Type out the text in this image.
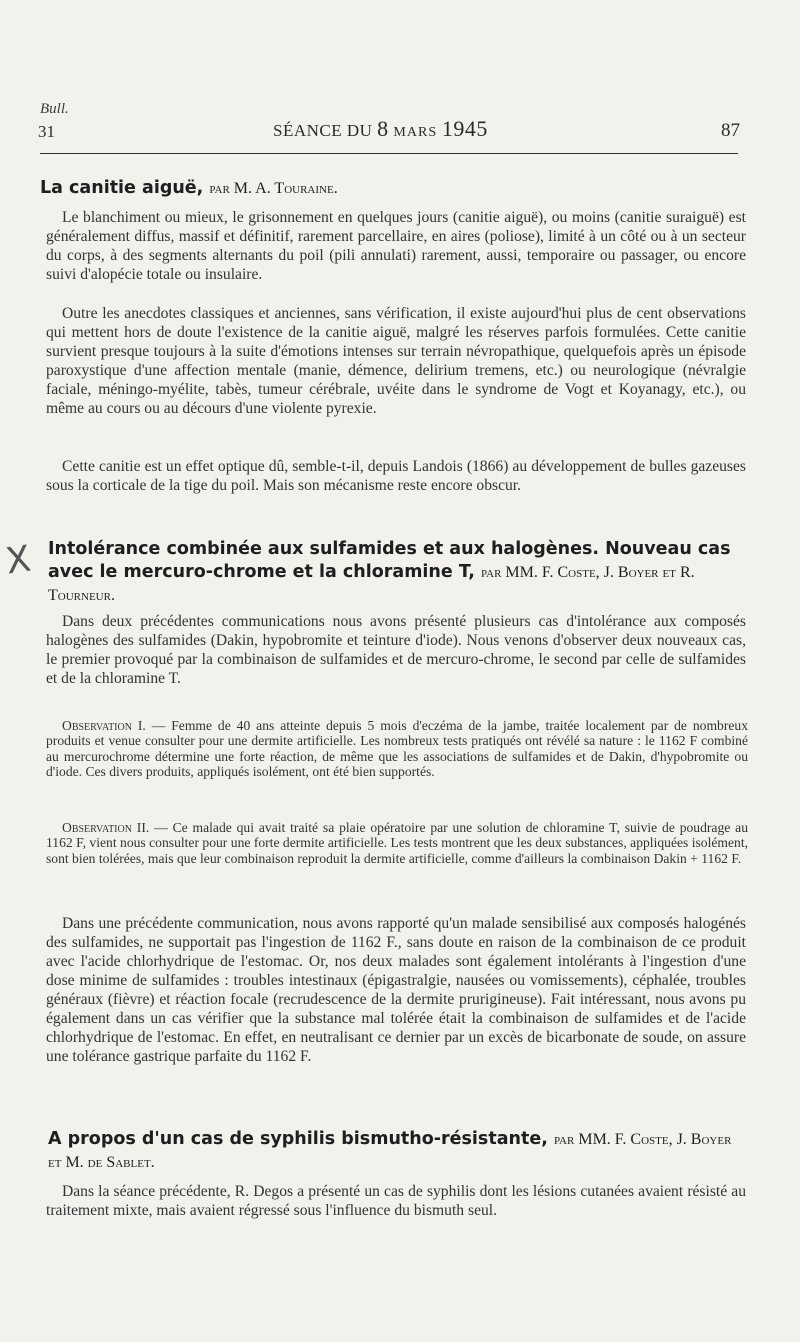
Bull.
31	SÉANCE DU 8 MARS 1945	87
La canitie aiguë, par M. A. Touraine.
Le blanchiment ou mieux, le grisonnement en quelques jours (canitie aiguë), ou moins (canitie suraiguë) est généralement diffus, massif et définitif, rarement parcellaire, en aires (poliose), limité à un côté ou à un secteur du corps, à des segments alternants du poil (pili annulati) rarement, aussi, temporaire ou passager, ou encore suivi d'alopécie totale ou insulaire.
Outre les anecdotes classiques et anciennes, sans vérification, il existe aujourd'hui plus de cent observations qui mettent hors de doute l'existence de la canitie aiguë, malgré les réserves parfois formulées. Cette canitie survient presque toujours à la suite d'émotions intenses sur terrain névropathique, quelquefois après un épisode paroxystique d'une affection mentale (manie, démence, delirium tremens, etc.) ou neurologique (névralgie faciale, méningo-myélite, tabès, tumeur cérébrale, uvéite dans le syndrome de Vogt et Koyanagy, etc.), ou même au cours ou au décours d'une violente pyrexie.
Cette canitie est un effet optique dû, semble-t-il, depuis Landois (1866) au développement de bulles gazeuses sous la corticale de la tige du poil. Mais son mécanisme reste encore obscur.
X Intolérance combinée aux sulfamides et aux halogènes. Nouveau cas avec le mercuro-chrome et la chloramine T, par MM. F. Coste, J. Boyer et R. Tourneur.
Dans deux précédentes communications nous avons présenté plusieurs cas d'intolérance aux composés halogènes des sulfamides (Dakin, hypobromite et teinture d'iode). Nous venons d'observer deux nouveaux cas, le premier provoqué par la combinaison de sulfamides et de mercuro-chrome, le second par celle de sulfamides et de la chloramine T.
Observation I. — Femme de 40 ans atteinte depuis 5 mois d'eczéma de la jambe, traitée localement par de nombreux produits et venue consulter pour une dermite artificielle. Les nombreux tests pratiqués ont révélé sa nature : le 1162 F combiné au mercurochrome détermine une forte réaction, de même que les associations de sulfamides et de Dakin, d'hypobromite ou d'iode. Ces divers produits, appliqués isolément, ont été bien supportés.
Observation II. — Ce malade qui avait traité sa plaie opératoire par une solution de chloramine T, suivie de poudrage au 1162 F, vient nous consulter pour une forte dermite artificielle. Les tests montrent que les deux substances, appliquées isolément, sont bien tolérées, mais que leur combinaison reproduit la dermite artificielle, comme d'ailleurs la combinaison Dakin + 1162 F.
Dans une précédente communication, nous avons rapporté qu'un malade sensibilisé aux composés halogénés des sulfamides, ne supportait pas l'ingestion de 1162 F., sans doute en raison de la combinaison de ce produit avec l'acide chlorhydrique de l'estomac. Or, nos deux malades sont également intolérants à l'ingestion d'une dose minime de sulfamides : troubles intestinaux (épigastralgie, nausées ou vomissements), céphalée, troubles généraux (fièvre) et réaction focale (recrudescence de la dermite prurigineuse). Fait intéressant, nous avons pu également dans un cas vérifier que la substance mal tolérée était la combinaison de sulfamides et de l'acide chlorhydrique de l'estomac. En effet, en neutralisant ce dernier par un excès de bicarbonate de soude, on assure une tolérance gastrique parfaite du 1162 F.
A propos d'un cas de syphilis bismutho-résistante, par MM. F. Coste, J. Boyer et M. de Sablet.
Dans la séance précédente, R. Degos a présenté un cas de syphilis dont les lésions cutanées avaient résisté au traitement mixte, mais avaient régressé sous l'influence du bismuth seul.
